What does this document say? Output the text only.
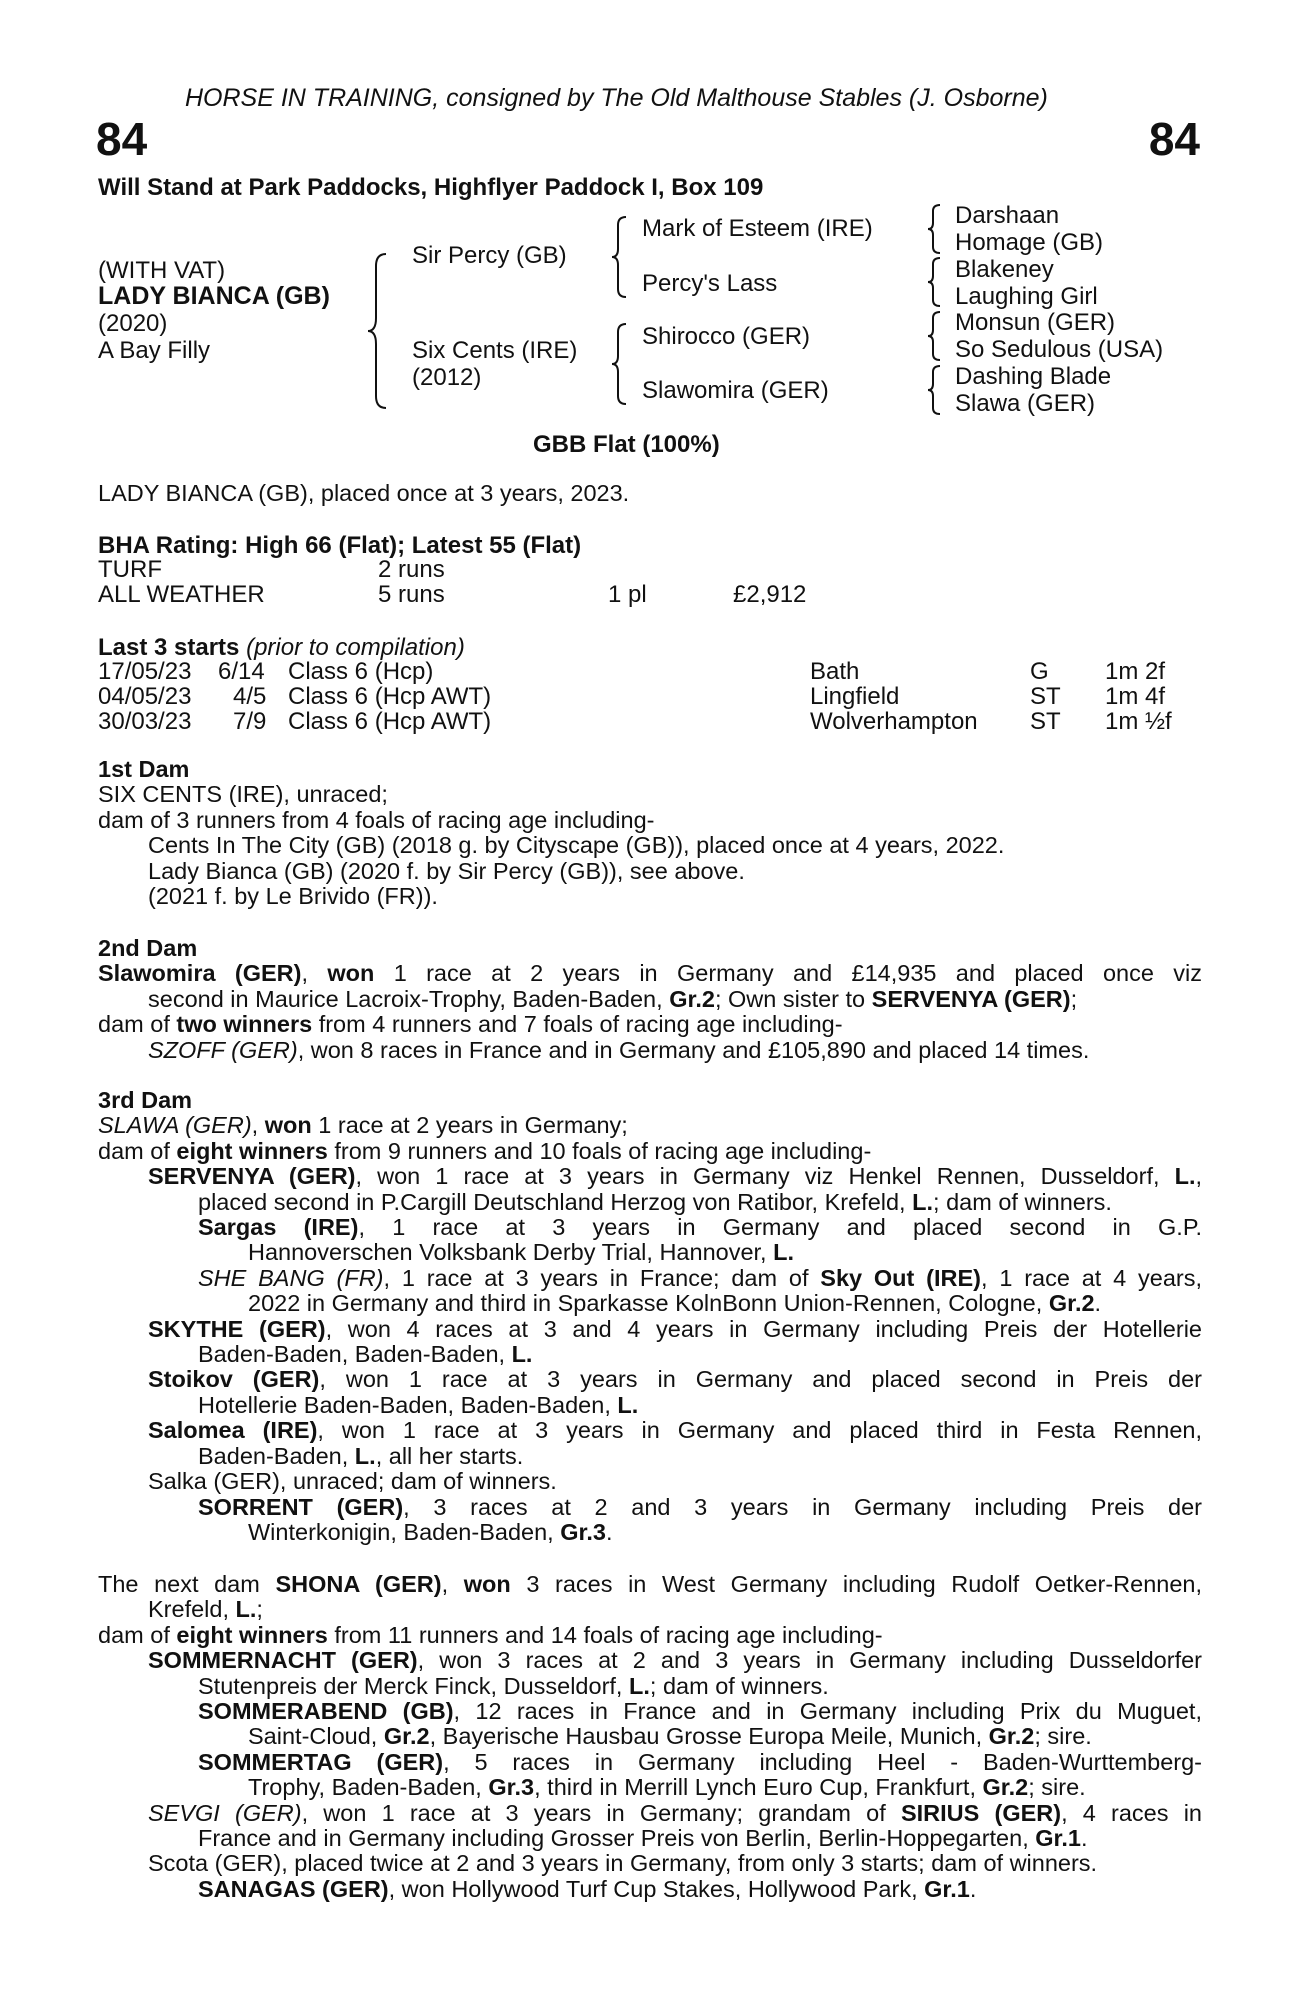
HORSE IN TRAINING, consigned by The Old Malthouse Stables (J. Osborne)
84	84
Will Stand at Park Paddocks, Highflyer Paddock I, Box 109
(WITH VAT)
LADY BIANCA (GB)
(2020)
A Bay Filly
Sir Percy (GB)
Six Cents (IRE)
(2012)
Mark of Esteem (IRE)
Percy's Lass
Shirocco (GER)
Slawomira (GER)
Darshaan
Homage (GB)
Blakeney
Laughing Girl
Monsun (GER)
So Sedulous (USA)
Dashing Blade
Slawa (GER)
GBB Flat (100%)
LADY BIANCA (GB), placed once at 3 years, 2023.
BHA Rating: High 66 (Flat); Latest 55 (Flat)
TURF	2 runs
ALL WEATHER	5 runs	1 pl	£2,912
Last 3 starts (prior to compilation)
17/05/23 6/14 Class 6 (Hcp)	Bath	G 1m 2f
04/05/23 4/5 Class 6 (Hcp AWT)	Lingfield	ST 1m 4f
30/03/23 7/9 Class 6 (Hcp AWT)	Wolverhampton ST 1m ½f
1st Dam
SIX CENTS (IRE), unraced;
dam of 3 runners from 4 foals of racing age including-
Cents In The City (GB) (2018 g. by Cityscape (GB)), placed once at 4 years, 2022.
Lady Bianca (GB) (2020 f. by Sir Percy (GB)), see above.
(2021 f. by Le Brivido (FR)).
2nd Dam
Slawomira (GER), won 1 race at 2 years in Germany and £14,935 and placed once viz
second in Maurice Lacroix-Trophy, Baden-Baden, Gr.2; Own sister to SERVENYA (GER);
dam of two winners from 4 runners and 7 foals of racing age including-
SZOFF (GER), won 8 races in France and in Germany and £105,890 and placed 14 times.
3rd Dam
SLAWA (GER), won 1 race at 2 years in Germany;
dam of eight winners from 9 runners and 10 foals of racing age including-
SERVENYA (GER), won 1 race at 3 years in Germany viz Henkel Rennen, Dusseldorf, L.,
placed second in P.Cargill Deutschland Herzog von Ratibor, Krefeld, L.; dam of winners.
Sargas (IRE), 1 race at 3 years in Germany and placed second in G.P.
Hannoverschen Volksbank Derby Trial, Hannover, L.
SHE BANG (FR), 1 race at 3 years in France; dam of Sky Out (IRE), 1 race at 4 years,
2022 in Germany and third in Sparkasse KolnBonn Union-Rennen, Cologne, Gr.2.
SKYTHE (GER), won 4 races at 3 and 4 years in Germany including Preis der Hotellerie
Baden-Baden, Baden-Baden, L.
Stoikov (GER), won 1 race at 3 years in Germany and placed second in Preis der
Hotellerie Baden-Baden, Baden-Baden, L.
Salomea (IRE), won 1 race at 3 years in Germany and placed third in Festa Rennen,
Baden-Baden, L., all her starts.
Salka (GER), unraced; dam of winners.
SORRENT (GER), 3 races at 2 and 3 years in Germany including Preis der
Winterkonigin, Baden-Baden, Gr.3.
The next dam SHONA (GER), won 3 races in West Germany including Rudolf Oetker-Rennen,
Krefeld, L.;
dam of eight winners from 11 runners and 14 foals of racing age including-
SOMMERNACHT (GER), won 3 races at 2 and 3 years in Germany including Dusseldorfer
Stutenpreis der Merck Finck, Dusseldorf, L.; dam of winners.
SOMMERABEND (GB), 12 races in France and in Germany including Prix du Muguet,
Saint-Cloud, Gr.2, Bayerische Hausbau Grosse Europa Meile, Munich, Gr.2; sire.
SOMMERTAG (GER), 5 races in Germany including Heel - Baden-Wurttemberg-
Trophy, Baden-Baden, Gr.3, third in Merrill Lynch Euro Cup, Frankfurt, Gr.2; sire.
SEVGI (GER), won 1 race at 3 years in Germany; grandam of SIRIUS (GER), 4 races in
France and in Germany including Grosser Preis von Berlin, Berlin-Hoppegarten, Gr.1.
Scota (GER), placed twice at 2 and 3 years in Germany, from only 3 starts; dam of winners.
SANAGAS (GER), won Hollywood Turf Cup Stakes, Hollywood Park, Gr.1.
